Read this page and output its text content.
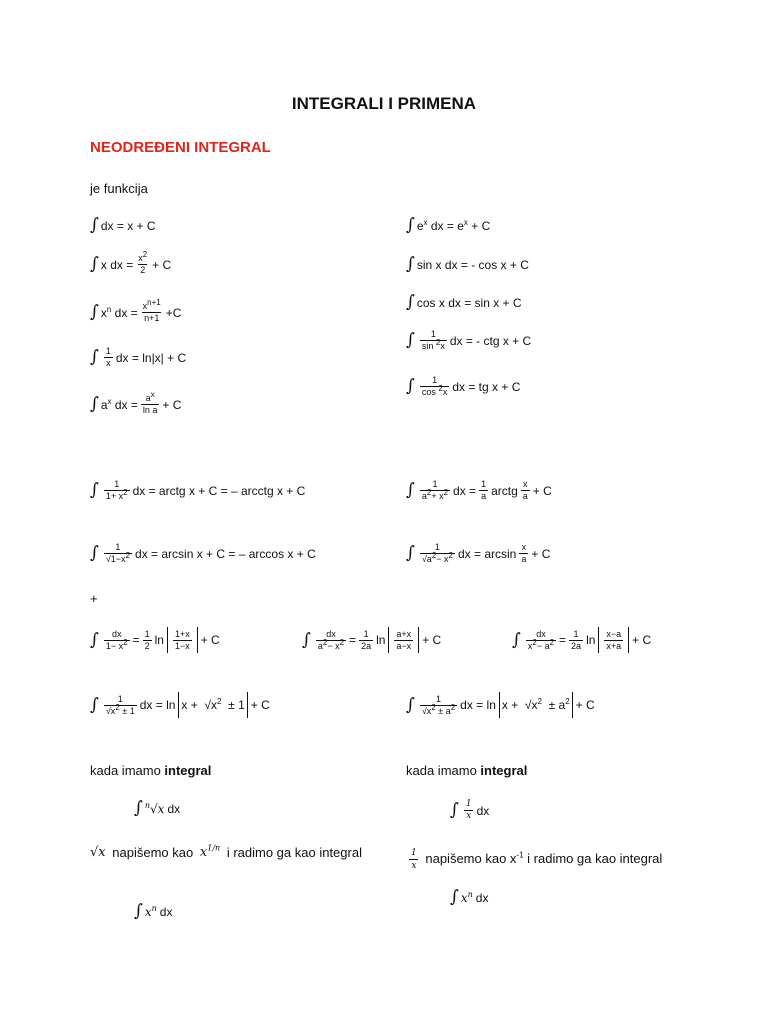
INTEGRALI I PRIMENA
NEODREĐENI INTEGRAL
je funkcija
∫ dx = x + C
∫ x dx = $\frac{x^2}{2} + C$
∫ $x^n$ dx = $\frac{x^{n+1}}{n+1} +C$
∫ $\frac{1}{x}$ dx = ln|x| + C
∫ $a^x$ dx = $\frac{a^x}{\text{ln a}} + C$
∫ $e^x$ dx = $e^x + C$
∫ sin x dx = - cos x + C
∫ cos x dx = sin x + C
∫ $\frac{1}{\sin ^2x}$ dx = - ctg x + C
∫ $\frac{1}{\cos ^2x}$ dx = tg x + C
∫ $\frac{1}{1+ x^2}$ dx = arctg x + C = – arcctg x + C	∫ $\frac{1}{a^2+ x^2}$ dx = $\frac{1}{a}$ arctg $\frac{x}{a} + C$
∫ $\frac{1}{√1-x^2}$ dx = arcsin x + C = – arccos x + C	∫ $\frac{1}{√a^2- x^2}$ dx = $\arcsin \frac{x}{a} + C$
+
∫ $\frac{dx}{1- x^2} = \frac{1}{2}$ $\ln \frac{1+x}{1-x} + C$	∫ $\frac{dx}{a^2- x^2} = \frac{1}{2a}$ $\ln \frac{a+x}{a-x} + C$	∫ $\frac{dx}{x^2- a^2} = \frac{1}{2a}$ $\ln \frac{x-a}{x+a} + C$
∫ $\frac{1}{√x^2 \pm 1}$ dx = $\ln x + √x^2 \pm 1 + C$	∫ $\frac{1}{√x^2 \pm a^2}$ dx = $\ln x + √x^2 \pm a^2 + C$
kada imamo integral	kada imamo integral
∫ $^n$√x dx	∫ $\frac{1}{x}$ dx
√x napišemo kao $x^{1/n}$ i radimo ga kao integral	$\frac{1}{x}$ napišemo kao $x^{-1}$ i radimo ga kao integral
∫ $x^n$ dx
∫ $x^n$ dx
